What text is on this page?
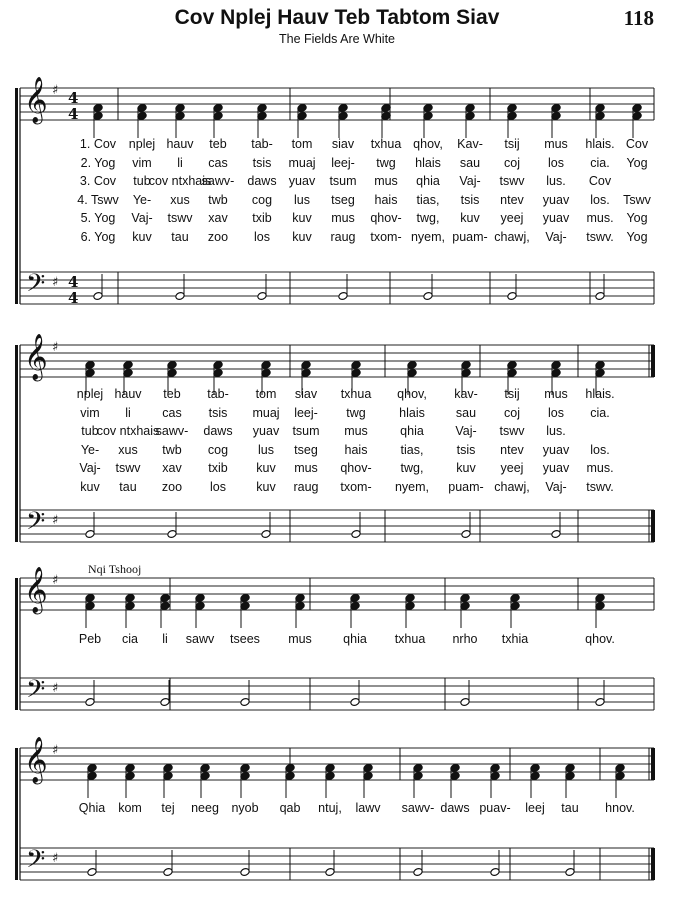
Cov Nplej Hauv Teb Tabtom Siav
The Fields Are White
118
Nqi Tshooj
𝄞
𝄢
♯
♯
4
4
4
4
𝄞
𝄢
♯
♯
𝄞
𝄢
♯
♯
𝄞
𝄢
♯
♯
1. Cov nplej hauv teb tab- tom siav txhua qhov, Kav- tsij mus hlais. Cov
2. Yog vim li cas tsis muaj leej- twg hlais sau coj los cia. Yog
3. Cov tub
cov ntxhais
sawv- daws yuav tsum mus qhia Vaj- tswv lus. Cov
4. Tswv Ye- xus twb cog lus tseg hais tias, tsis ntev yuav los. Tswv
5. Yog Vaj- tswv xav txib kuv mus qhov- twg, kuv yeej yuav mus. Yog
6. Yog kuv tau zoo los kuv raug txom- nyem, puam- chawj, Vaj- tswv. Yog
nplej hauv teb tab- tom siav txhua qhov, kav- tsij mus hlais.
vim li	cas tsis muaj leej- twg	hlais sau coj los cia.
tub
cov ntxhais
sawv- daws yuav tsum mus	qhia	Vaj- tswv lus.
Ye- xus twb cog lus tseg hais	tias,	tsis ntev yuav los.
Vaj- tswv xav txib kuv mus qhov- twg,	kuv yeej yuav mus.
kuv tau zoo los kuv raug txom- nyem, puam- chawj, Vaj- tswv.
Peb cia li sawv tsees mus	qhia txhua nrho txhia	qhov.
Qhia kom tej neeg nyob qab ntuj, lawv sawv- daws puav- leej tau hnov.
